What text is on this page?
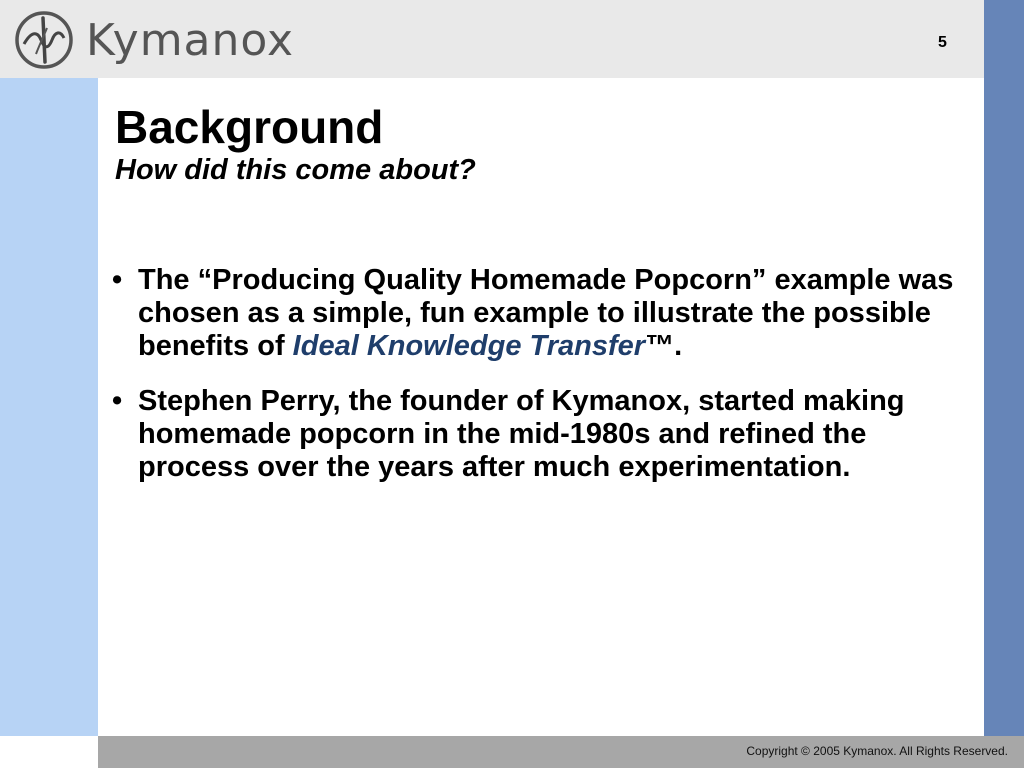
Kymanox	5
Background
How did this come about?
• The “Producing Quality Homemade Popcorn” example was chosen as a simple, fun example to illustrate the possible benefits of Ideal Knowledge Transfer™.
• Stephen Perry, the founder of Kymanox, started making homemade popcorn in the mid-1980s and refined the process over the years after much experimentation.
Copyright © 2005 Kymanox. All Rights Reserved.
